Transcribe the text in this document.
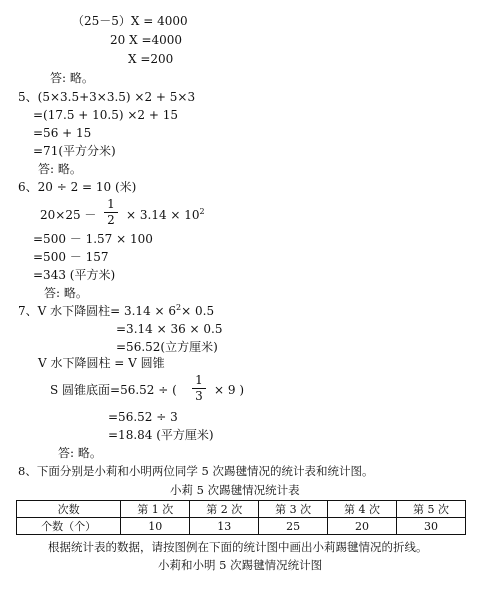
（25－5）X = 4000
20 X =4000
X =200
答: 略。
5、(5×3.5+3×3.5) ×2 + 5×3
=(17.5 + 10.5) ×2 + 15
=56 + 15
=71(平方分米)
答: 略。
6、20 ÷ 2 = 10 (米)
20×25 －
1
$2 \times 3.14 \times 10^2$
=500 － 1.57 × 100
=500 － 157
=343 (平方米)
答: 略。
7、V 水下降圆柱= $3.14 \times 6^2\times 0.5$
=3.14 × 36 × 0.5
=56.52(立方厘米)
V 水下降圆柱 = V 圆锥
S 圆锥底面=56.52 ÷ (
1
3 × 9 )
=56.52 ÷ 3
=18.84 (平方厘米)
答: 略。
8、下面分别是小莉和小明两位同学 5 次踢毽情况的统计表和统计图。
小莉 5 次踢毽情况统计表
次数	第 1 次	第 2 次	第 3 次	第 4 次	第 5 次
个数（个）	10	13	25	20	30
根据统计表的数据，请按图例在下面的统计图中画出小莉踢毽情况的折线。
小莉和小明 5 次踢毽情况统计图
